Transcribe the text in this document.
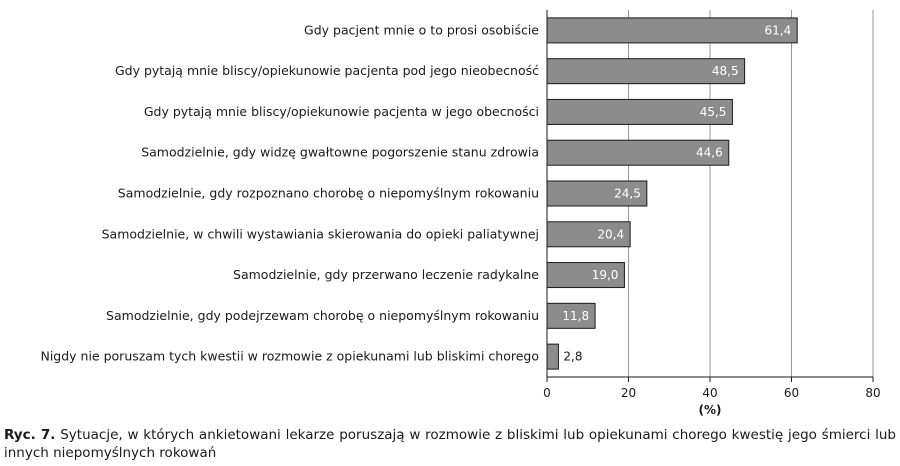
61,4
48,5
45,5
44,6
24,5
20,4
19,0
11,8
2,8
Gdy pacjent mnie o to prosi osobiście
Gdy pytają mnie bliscy/opiekunowie pacjenta pod jego nieobecność
Gdy pytają mnie bliscy/opiekunowie pacjenta w jego obecności
Samodzielnie, gdy widzę gwałtowne pogorszenie stanu zdrowia
Samodzielnie, gdy rozpoznano chorobę o niepomyślnym rokowaniu
Samodzielnie, w chwili wystawiania skierowania do opieki paliatywnej
Samodzielnie, gdy przerwano leczenie radykalne
Samodzielnie, gdy podejrzewam chorobę o niepomyślnym rokowaniu
Nigdy nie poruszam tych kwestii w rozmowie z opiekunami lub bliskimi chorego
0	20	40	60	80
(%)
Ryc. 7. Sytuacje, w których ankietowani lekarze poruszają w rozmowie z bliskimi lub opiekunami chorego kwestię jego śmierci lub innych niepomyślnych rokowań
